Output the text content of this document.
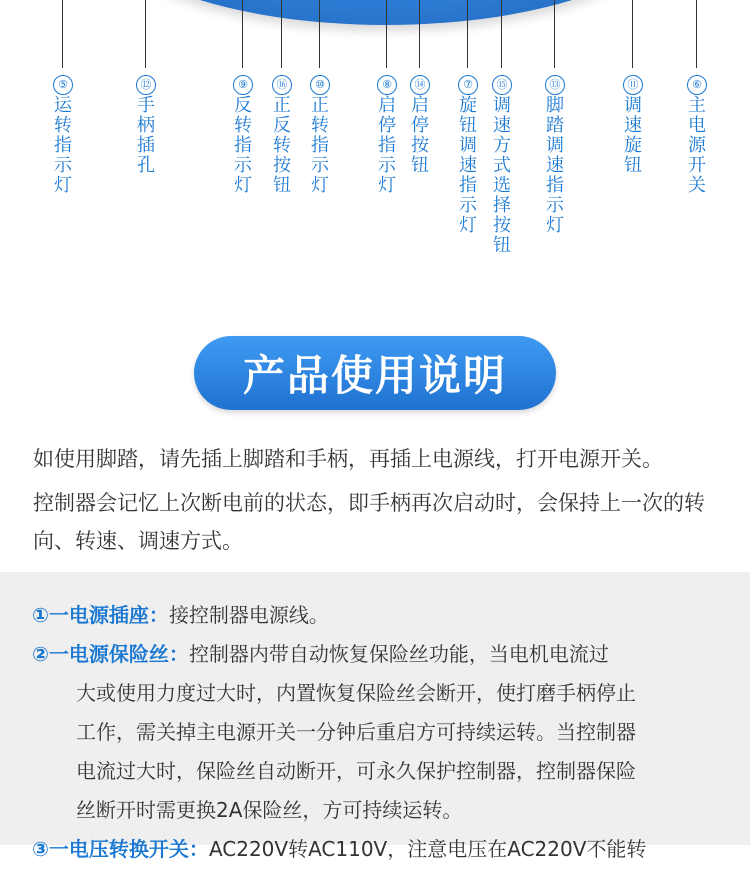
⑤
运转指示灯
⑫
手柄插孔
⑨
反转指示灯
⑯
正反转按钮
⑩
正转指示灯
⑧
启停指示灯
⑭
启停按钮
⑦
旋钮调速指示灯
⑮
调速方式选择按钮
⑬
脚踏调速指示灯
⑪
调速旋钮
⑥
主电源开关
产品使用说明

如使用脚踏，请先插上脚踏和手柄，再插上电源线，打开电源开关。

控制器会记忆上次断电前的状态，即手柄再次启动时，会保持上一次的转向、转速、调速方式。

①一电源插座：接控制器电源线。
②一电源保险丝：控制器内带自动恢复保险丝功能，当电机电流过
大或使用力度过大时，内置恢复保险丝会断开，使打磨手柄停止
工作，需关掉主电源开关一分钟后重启方可持续运转。当控制器
电流过大时，保险丝自动断开，可永久保护控制器，控制器保险
丝断开时需更换2A保险丝，方可持续运转。
③一电压转换开关：AC220V转AC110V，注意电压在AC220V不能转
